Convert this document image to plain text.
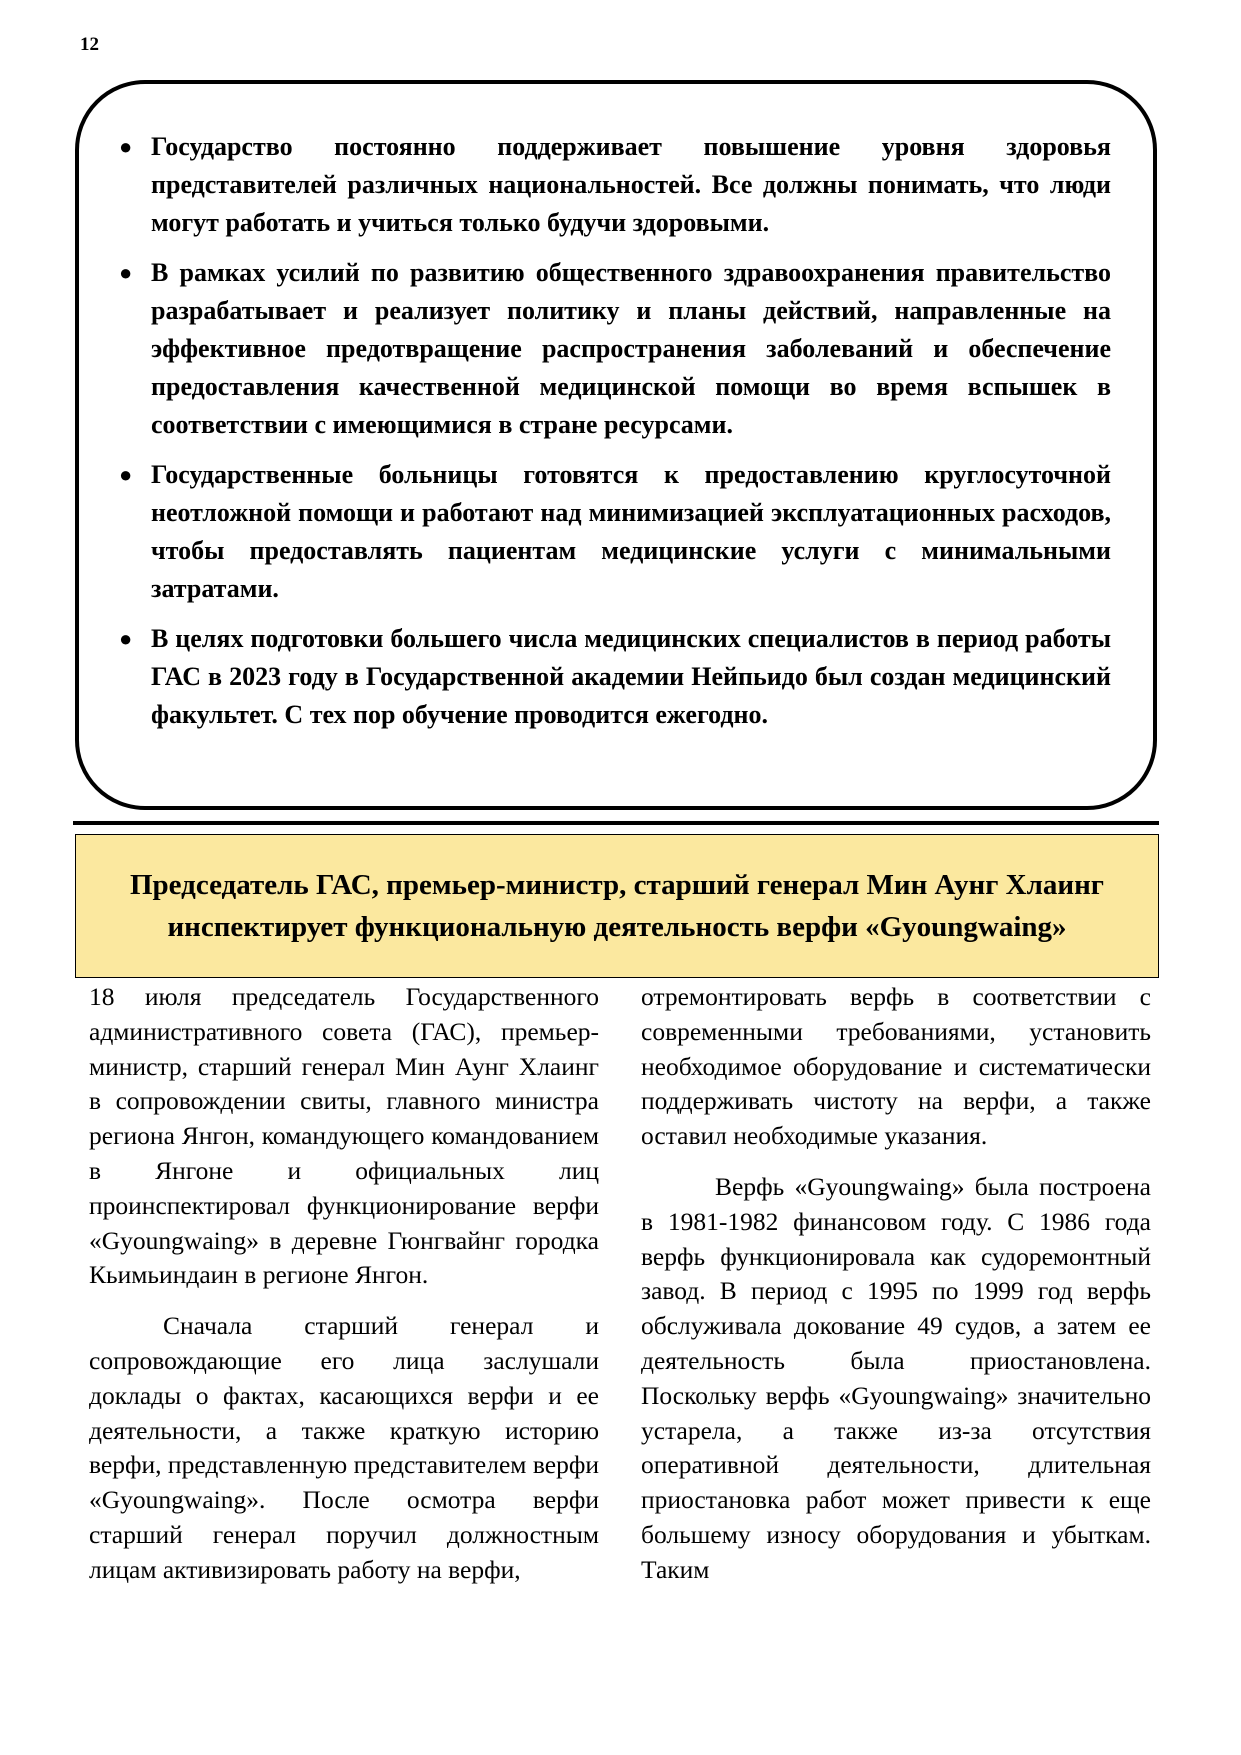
12
● Государство постоянно поддерживает повышение уровня здоровья представителей различных национальностей. Все должны понимать, что люди могут работать и учиться только будучи здоровыми.
● В рамках усилий по развитию общественного здравоохранения правительство разрабатывает и реализует политику и планы действий, направленные на эффективное предотвращение распространения заболеваний и обеспечение предоставления качественной медицинской помощи во время вспышек в соответствии с имеющимися в стране ресурсами.
● Государственные больницы готовятся к предоставлению круглосуточной неотложной помощи и работают над минимизацией эксплуатационных расходов, чтобы предоставлять пациентам медицинские услуги с минимальными затратами.
● В целях подготовки большего числа медицинских специалистов в период работы ГАС в 2023 году в Государственной академии Нейпьидо был создан медицинский факультет. С тех пор обучение проводится ежегодно.
Председатель ГАС, премьер-министр, старший генерал Мин Аунг Хлаинг инспектирует функциональную деятельность верфи «Gyoungwaing»

18 июля председатель Государственного административного совета (ГАС), премьер-министр, старший генерал Мин Аунг Хлаинг в сопровождении свиты, главного министра региона Янгон, командующего командованием в Янгоне и официальных лиц проинспектировал функционирование верфи «Gyoungwaing» в деревне Гюнгвайнг городка Кьимьиндаин в регионе Янгон.

Сначала старший генерал и сопровождающие его лица заслушали доклады о фактах, касающихся верфи и ее деятельности, а также краткую историю верфи, представленную представителем верфи «Gyoungwaing». После осмотра верфи старший генерал поручил должностным лицам активизировать работу на верфи,

отремонтировать верфь в соответствии с современными требованиями, установить необходимое оборудование и систематически поддерживать чистоту на верфи, а также оставил необходимые указания.

Верфь «Gyoungwaing» была построена в 1981-1982 финансовом году. С 1986 года верфь функционировала как судоремонтный завод. В период с 1995 по 1999 год верфь обслуживала докование 49 судов, а затем ее деятельность была приостановлена. Поскольку верфь «Gyoungwaing» значительно устарела, а также из-за отсутствия оперативной деятельности, длительная приостановка работ может привести к еще большему износу оборудования и убыткам. Таким
